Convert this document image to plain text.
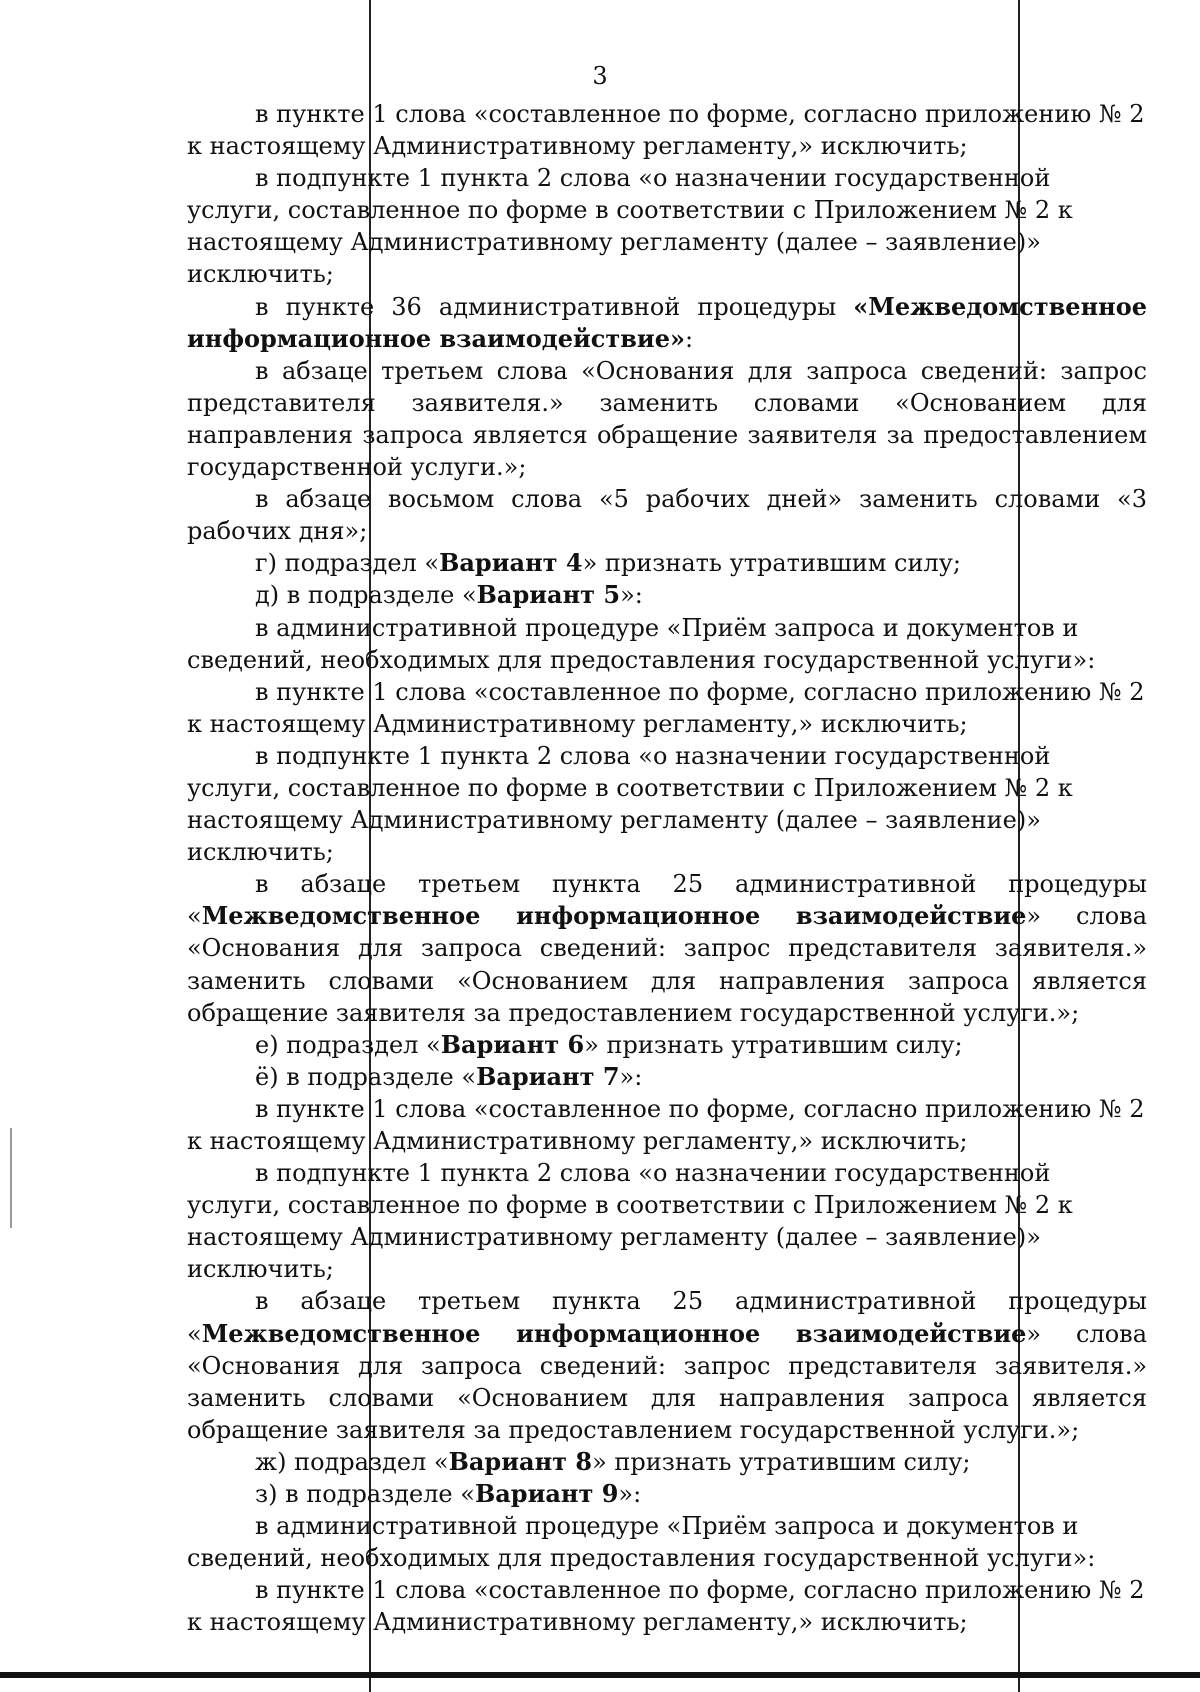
3

в пункте 1 слова «составленное по форме, согласно приложению № 2 к настоящему Административному регламенту,» исключить;

в подпункте 1 пункта 2 слова «о назначении государственной услуги, составленное по форме в соответствии с Приложением № 2 к настоящему Административному регламенту (далее – заявление)» исключить;

в пункте 36 административной процедуры «Межведомственное информационное взаимодействие»:

в абзаце третьем слова «Основания для запроса сведений: запрос представителя заявителя.» заменить словами «Основанием для направления запроса является обращение заявителя за предоставлением государственной услуги.»;

в абзаце восьмом слова «5 рабочих дней» заменить словами «3 рабочих дня»;

г) подраздел «Вариант 4» признать утратившим силу;

д) в подразделе «Вариант 5»:

в административной процедуре «Приём запроса и документов и сведений, необходимых для предоставления государственной услуги»:

в пункте 1 слова «составленное по форме, согласно приложению № 2 к настоящему Административному регламенту,» исключить;

в подпункте 1 пункта 2 слова «о назначении государственной услуги, составленное по форме в соответствии с Приложением № 2 к настоящему Административному регламенту (далее – заявление)» исключить;

в абзаце третьем пункта 25 административной процедуры «Межведомственное информационное взаимодействие» слова «Основания для запроса сведений: запрос представителя заявителя.» заменить словами «Основанием для направления запроса является обращение заявителя за предоставлением государственной услуги.»;

е) подраздел «Вариант 6» признать утратившим силу;

ё) в подразделе «Вариант 7»:

в пункте 1 слова «составленное по форме, согласно приложению № 2 к настоящему Административному регламенту,» исключить;

в подпункте 1 пункта 2 слова «о назначении государственной услуги, составленное по форме в соответствии с Приложением № 2 к настоящему Административному регламенту (далее – заявление)» исключить;

в абзаце третьем пункта 25 административной процедуры «Межведомственное информационное взаимодействие» слова «Основания для запроса сведений: запрос представителя заявителя.» заменить словами «Основанием для направления запроса является обращение заявителя за предоставлением государственной услуги.»;

ж) подраздел «Вариант 8» признать утратившим силу;

з) в подразделе «Вариант 9»:

в административной процедуре «Приём запроса и документов и сведений, необходимых для предоставления государственной услуги»:

в пункте 1 слова «составленное по форме, согласно приложению № 2 к настоящему Административному регламенту,» исключить;
